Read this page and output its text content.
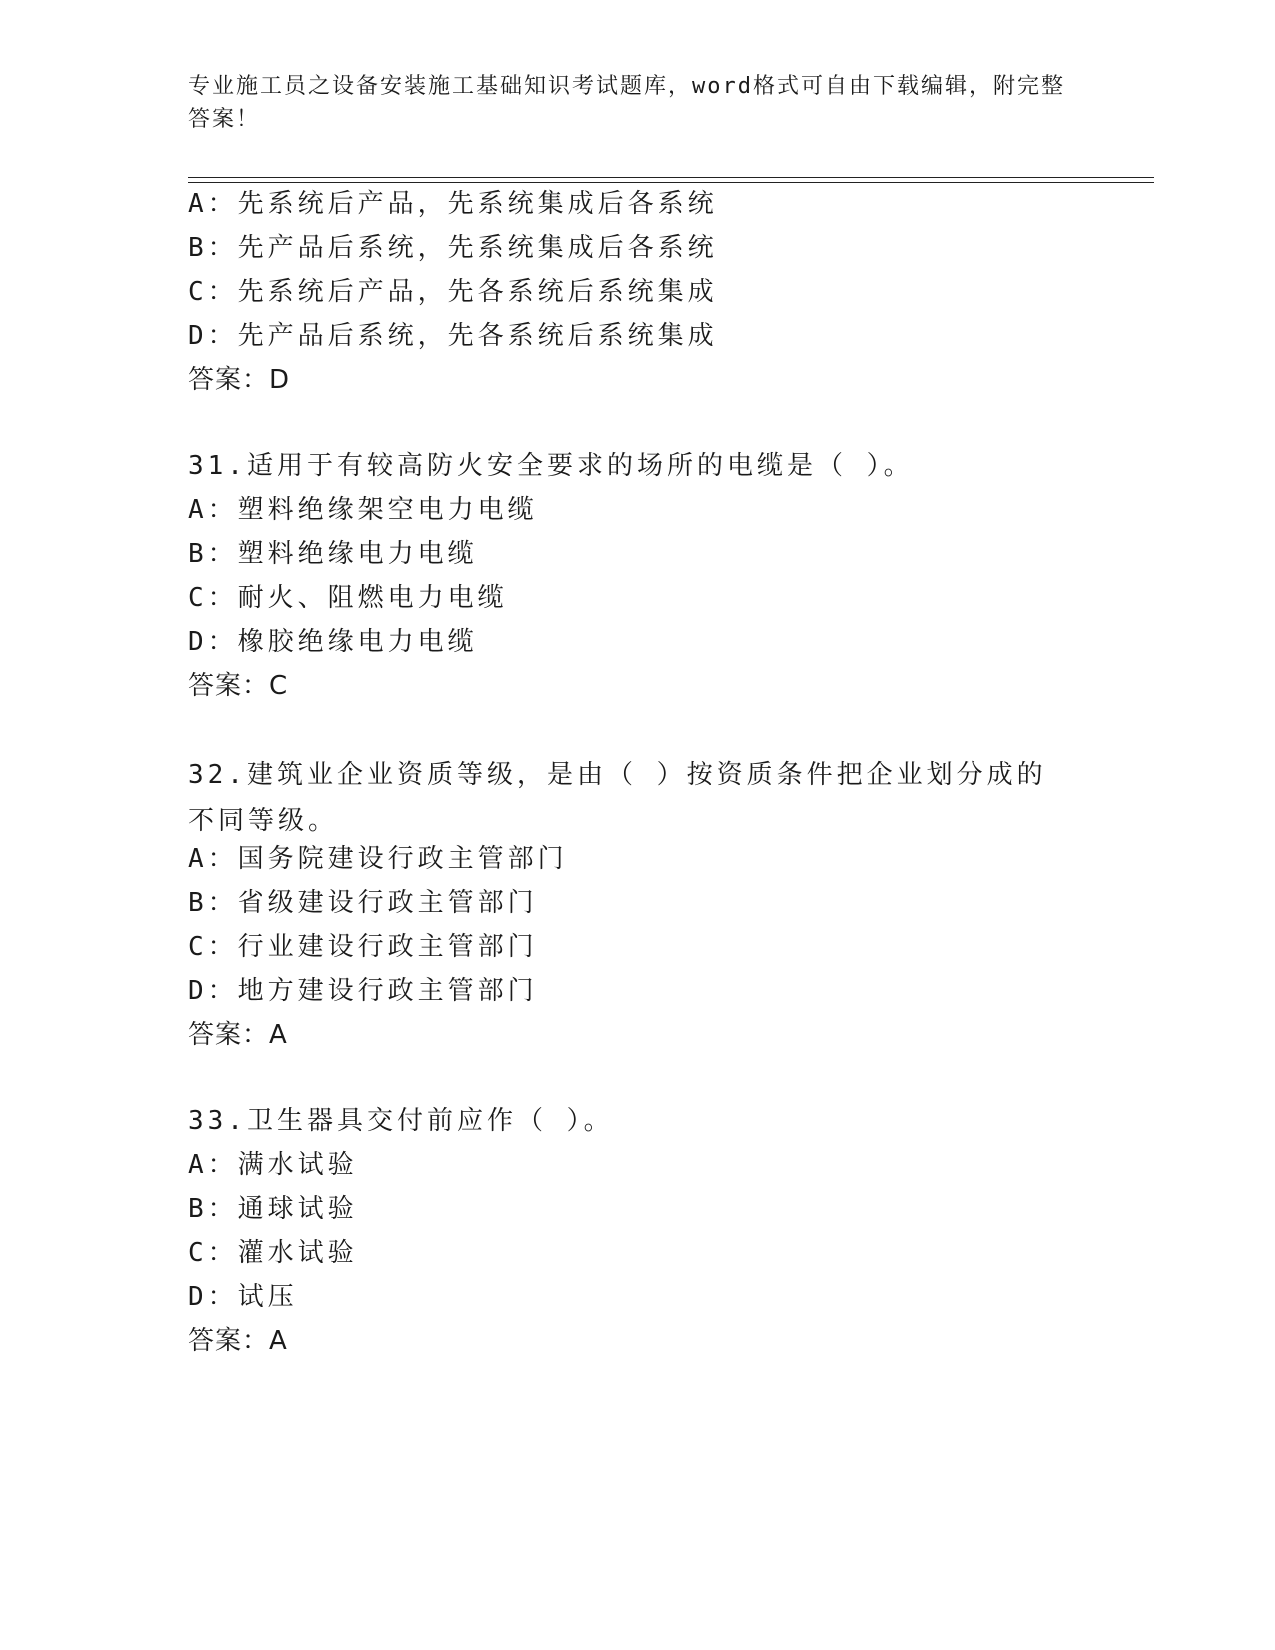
专业施工员之设备安装施工基础知识考试题库，word格式可自由下载编辑，附完整答案！
A：先系统后产品，先系统集成后各系统
B：先产品后系统，先系统集成后各系统
C：先系统后产品，先各系统后系统集成
D：先产品后系统，先各系统后系统集成
答案：D
31.适用于有较高防火安全要求的场所的电缆是（ ）。
A：塑料绝缘架空电力电缆
B：塑料绝缘电力电缆
C：耐火、阻燃电力电缆
D：橡胶绝缘电力电缆
答案：C
32.建筑业企业资质等级，是由（ ）按资质条件把企业划分成的不同等级。
A：国务院建设行政主管部门
B：省级建设行政主管部门
C：行业建设行政主管部门
D：地方建设行政主管部门
答案：A
33.卫生器具交付前应作（ ）。
A：满水试验
B：通球试验
C：灌水试验
D：试压
答案：A
